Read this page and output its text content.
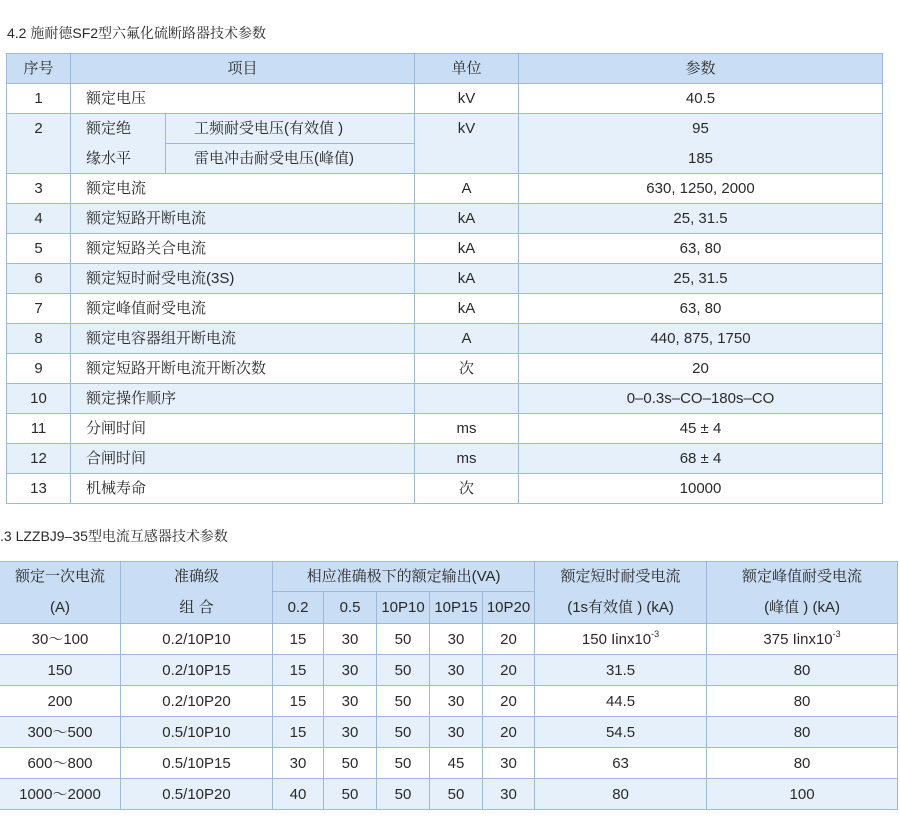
4.2 施耐德SF2型六氟化硫断路器技术参数
序号	项目		单位	参数
1	额定电压		kV	40.5
2	额定绝	工频耐受电压(有效值 )	kV	95
	缘水平	雷电冲击耐受电压(峰值)		185
3	额定电流		A	630, 1250, 2000
4	额定短路开断电流		kA	25, 31.5
5	额定短路关合电流		kA	63, 80
6	额定短时耐受电流(3S)		kA	25, 31.5
7	额定峰值耐受电流		kA	63, 80
8	额定电容器组开断电流		A	440, 875, 1750
9	额定短路开断电流开断次数		次	20
10	额定操作顺序			0–0.3s–CO–180s–CO
11	分闸时间		ms	45 ± 4
12	合闸时间		ms	68 ± 4
13	机械寿命		次	10000
.3 LZZBJ9–35型电流互感器技术参数
额定一次电流	准确级	相应准确极下的额定输出(VA)					额定短时耐受电流	额定峰值耐受电流
(A)	组 合	0.2	0.5	10P10	10P15	10P20	(1s有效值 ) (kA)	(峰值 ) (kA)
30～100	0.2/10P10	15	30	50	30	20	150 $Iinx10^{-3}$	375 $Iinx10^{-3}$
150	0.2/10P15	15	30	50	30	20	31.5	80
200	0.2/10P20	15	30	50	30	20	44.5	80
300～500	0.5/10P10	15	30	50	30	20	54.5	80
600～800	0.5/10P15	30	50	50	45	30	63	80
1000～2000	0.5/10P20	40	50	50	50	30	80	100
